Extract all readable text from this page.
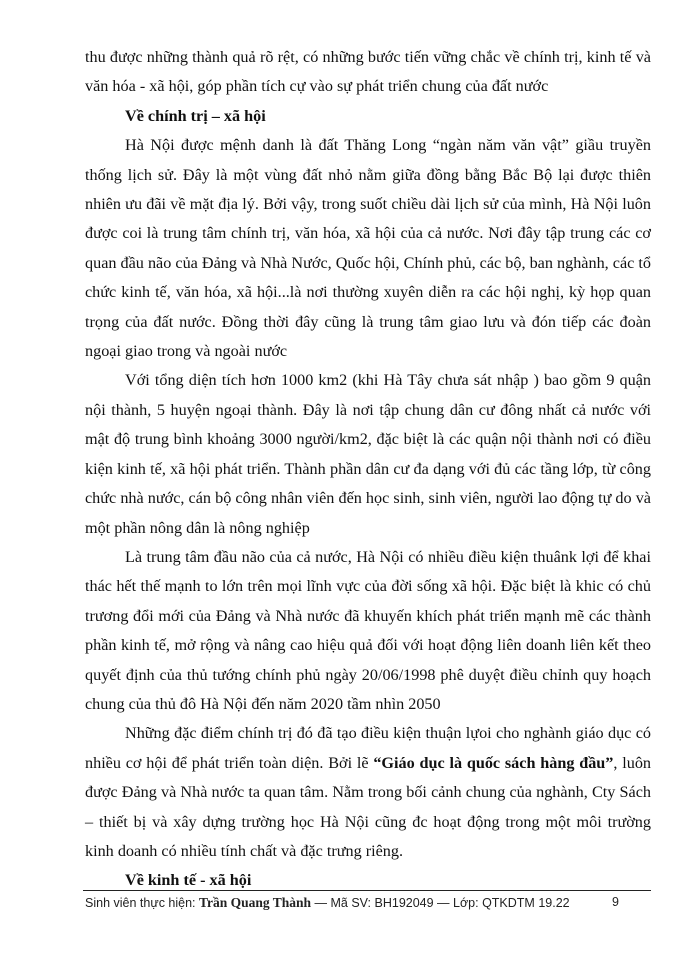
thu được những thành quả rõ rệt, có những bước tiến vững chắc về chính trị, kinh tế và văn hóa - xã hội, góp phần tích cự vào sự phát triển chung của đất nước

Về chính trị – xã hội

Hà Nội được mệnh danh là đất Thăng Long “ngàn năm văn vật” giầu truyền thống lịch sử. Đây là một vùng đất nhỏ nằm giữa đồng bằng Bắc Bộ lại được thiên nhiên ưu đãi về mặt địa lý. Bởi vậy, trong suốt chiều dài lịch sử của mình, Hà Nội luôn được coi là trung tâm chính trị, văn hóa, xã hội của cả nước. Nơi đây tập trung các cơ quan đầu não của Đảng và Nhà Nước, Quốc hội, Chính phủ, các bộ, ban nghành, các tổ chức kinh tế, văn hóa, xã hội...là nơi thường xuyên diễn ra các hội nghị, kỳ họp quan trọng của đất nước. Đồng thời đây cũng là trung tâm giao lưu và đón tiếp các đoàn ngoại giao trong và ngoài nước

Với tổng diện tích hơn 1000 km2 (khi Hà Tây chưa sát nhập ) bao gồm 9 quận nội thành, 5 huyện ngoại thành. Đây là nơi tập chung dân cư đông nhất cả nước với mật độ trung bình khoảng 3000 người/km2, đặc biệt là các quận nội thành nơi có điều kiện kinh tế, xã hội phát triển. Thành phần dân cư đa dạng với đủ các tầng lớp, từ công chức nhà nước, cán bộ công nhân viên đến học sinh, sinh viên, người lao động tự do và một phần nông dân là nông nghiệp

Là trung tâm đầu não của cả nước, Hà Nội có nhiều điều kiện thuânk lợi để khai thác hết thế mạnh to lớn trên mọi lĩnh vực của đời sống xã hội. Đặc biệt là khic có chủ trương đổi mới của Đảng và Nhà nước đã khuyến khích phát triển mạnh mẽ các thành phần kinh tế, mở rộng và nâng cao hiệu quả đối với hoạt động liên doanh liên kết theo quyết định của thủ tướng chính phủ ngày 20/06/1998 phê duyệt điều chỉnh quy hoạch chung của thủ đô Hà Nội đến năm 2020 tầm nhìn 2050

Những đặc điểm chính trị đó đã tạo điều kiện thuận lựoi cho nghành giáo dục có nhiều cơ hội để phát triển toàn diện. Bởi lẽ “Giáo dục là quốc sách hàng đầu”, luôn được Đảng và Nhà nước ta quan tâm. Nằm trong bối cảnh chung của nghành, Cty Sách – thiết bị và xây dựng trường học Hà Nội cũng đc hoạt động trong một môi trường kinh doanh có nhiều tính chất và đặc trưng riêng.

Về kinh tế - xã hội

Sinh viên thực hiện: Trần Quang Thành — Mã SV: BH192049 — Lớp: QTKDTM 19.22	9
